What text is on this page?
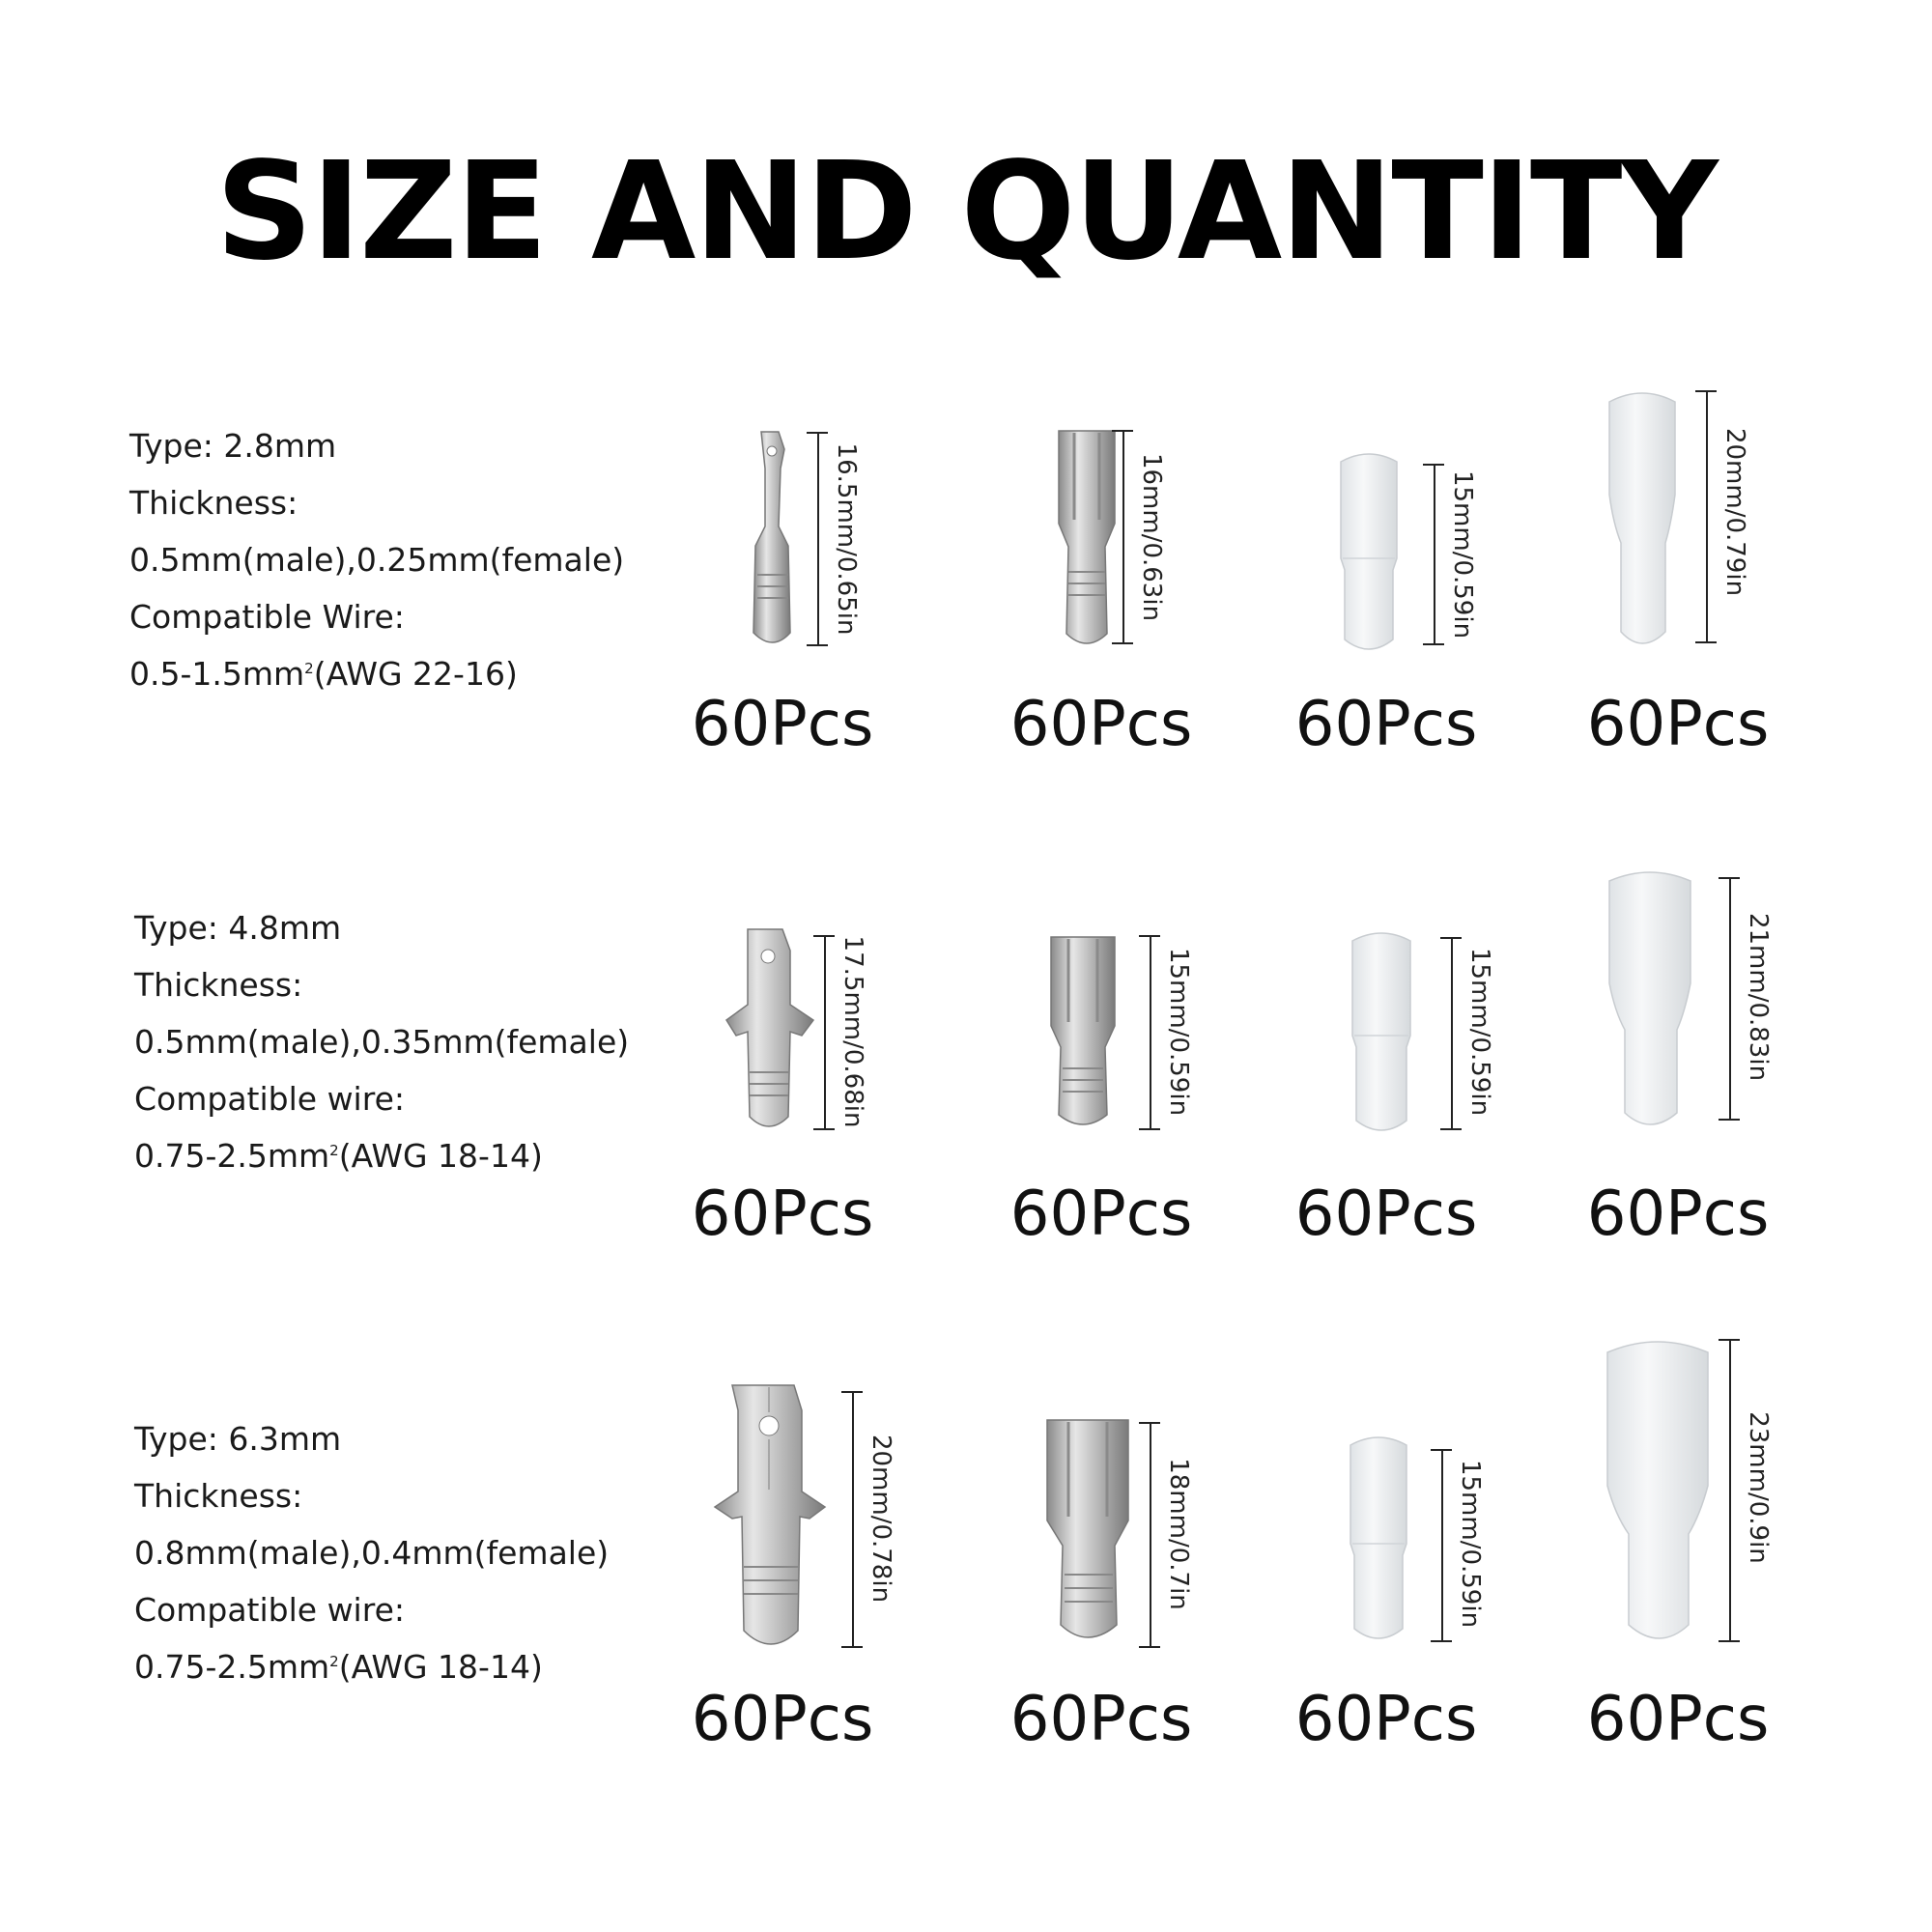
SIZE AND QUANTITY
Type: 2.8mm
Thickness:
0.5mm(male),0.25mm(female)
Compatible Wire:
$0.5-1.5mm^2(AWG$ 22-16)
16.5mm/0.65in
60Pcs
16mm/0.63in
60Pcs
15mm/0.59in
60Pcs
20mm/0.79in
60Pcs
Type: 4.8mm
Thickness:
0.5mm(male),0.35mm(female)
Compatible wire:
$0.75-2.5mm^2(AWG$ 18-14)
17.5mm/0.68in
60Pcs
15mm/0.59in
60Pcs
15mm/0.59in
60Pcs
21mm/0.83in
60Pcs
Type: 6.3mm
Thickness:
0.8mm(male),0.4mm(female)
Compatible wire:
$0.75-2.5mm^2(AWG$ 18-14)
20mm/0.78in
60Pcs
18mm/0.7in
60Pcs
15mm/0.59in
60Pcs
23mm/0.9in
60Pcs
